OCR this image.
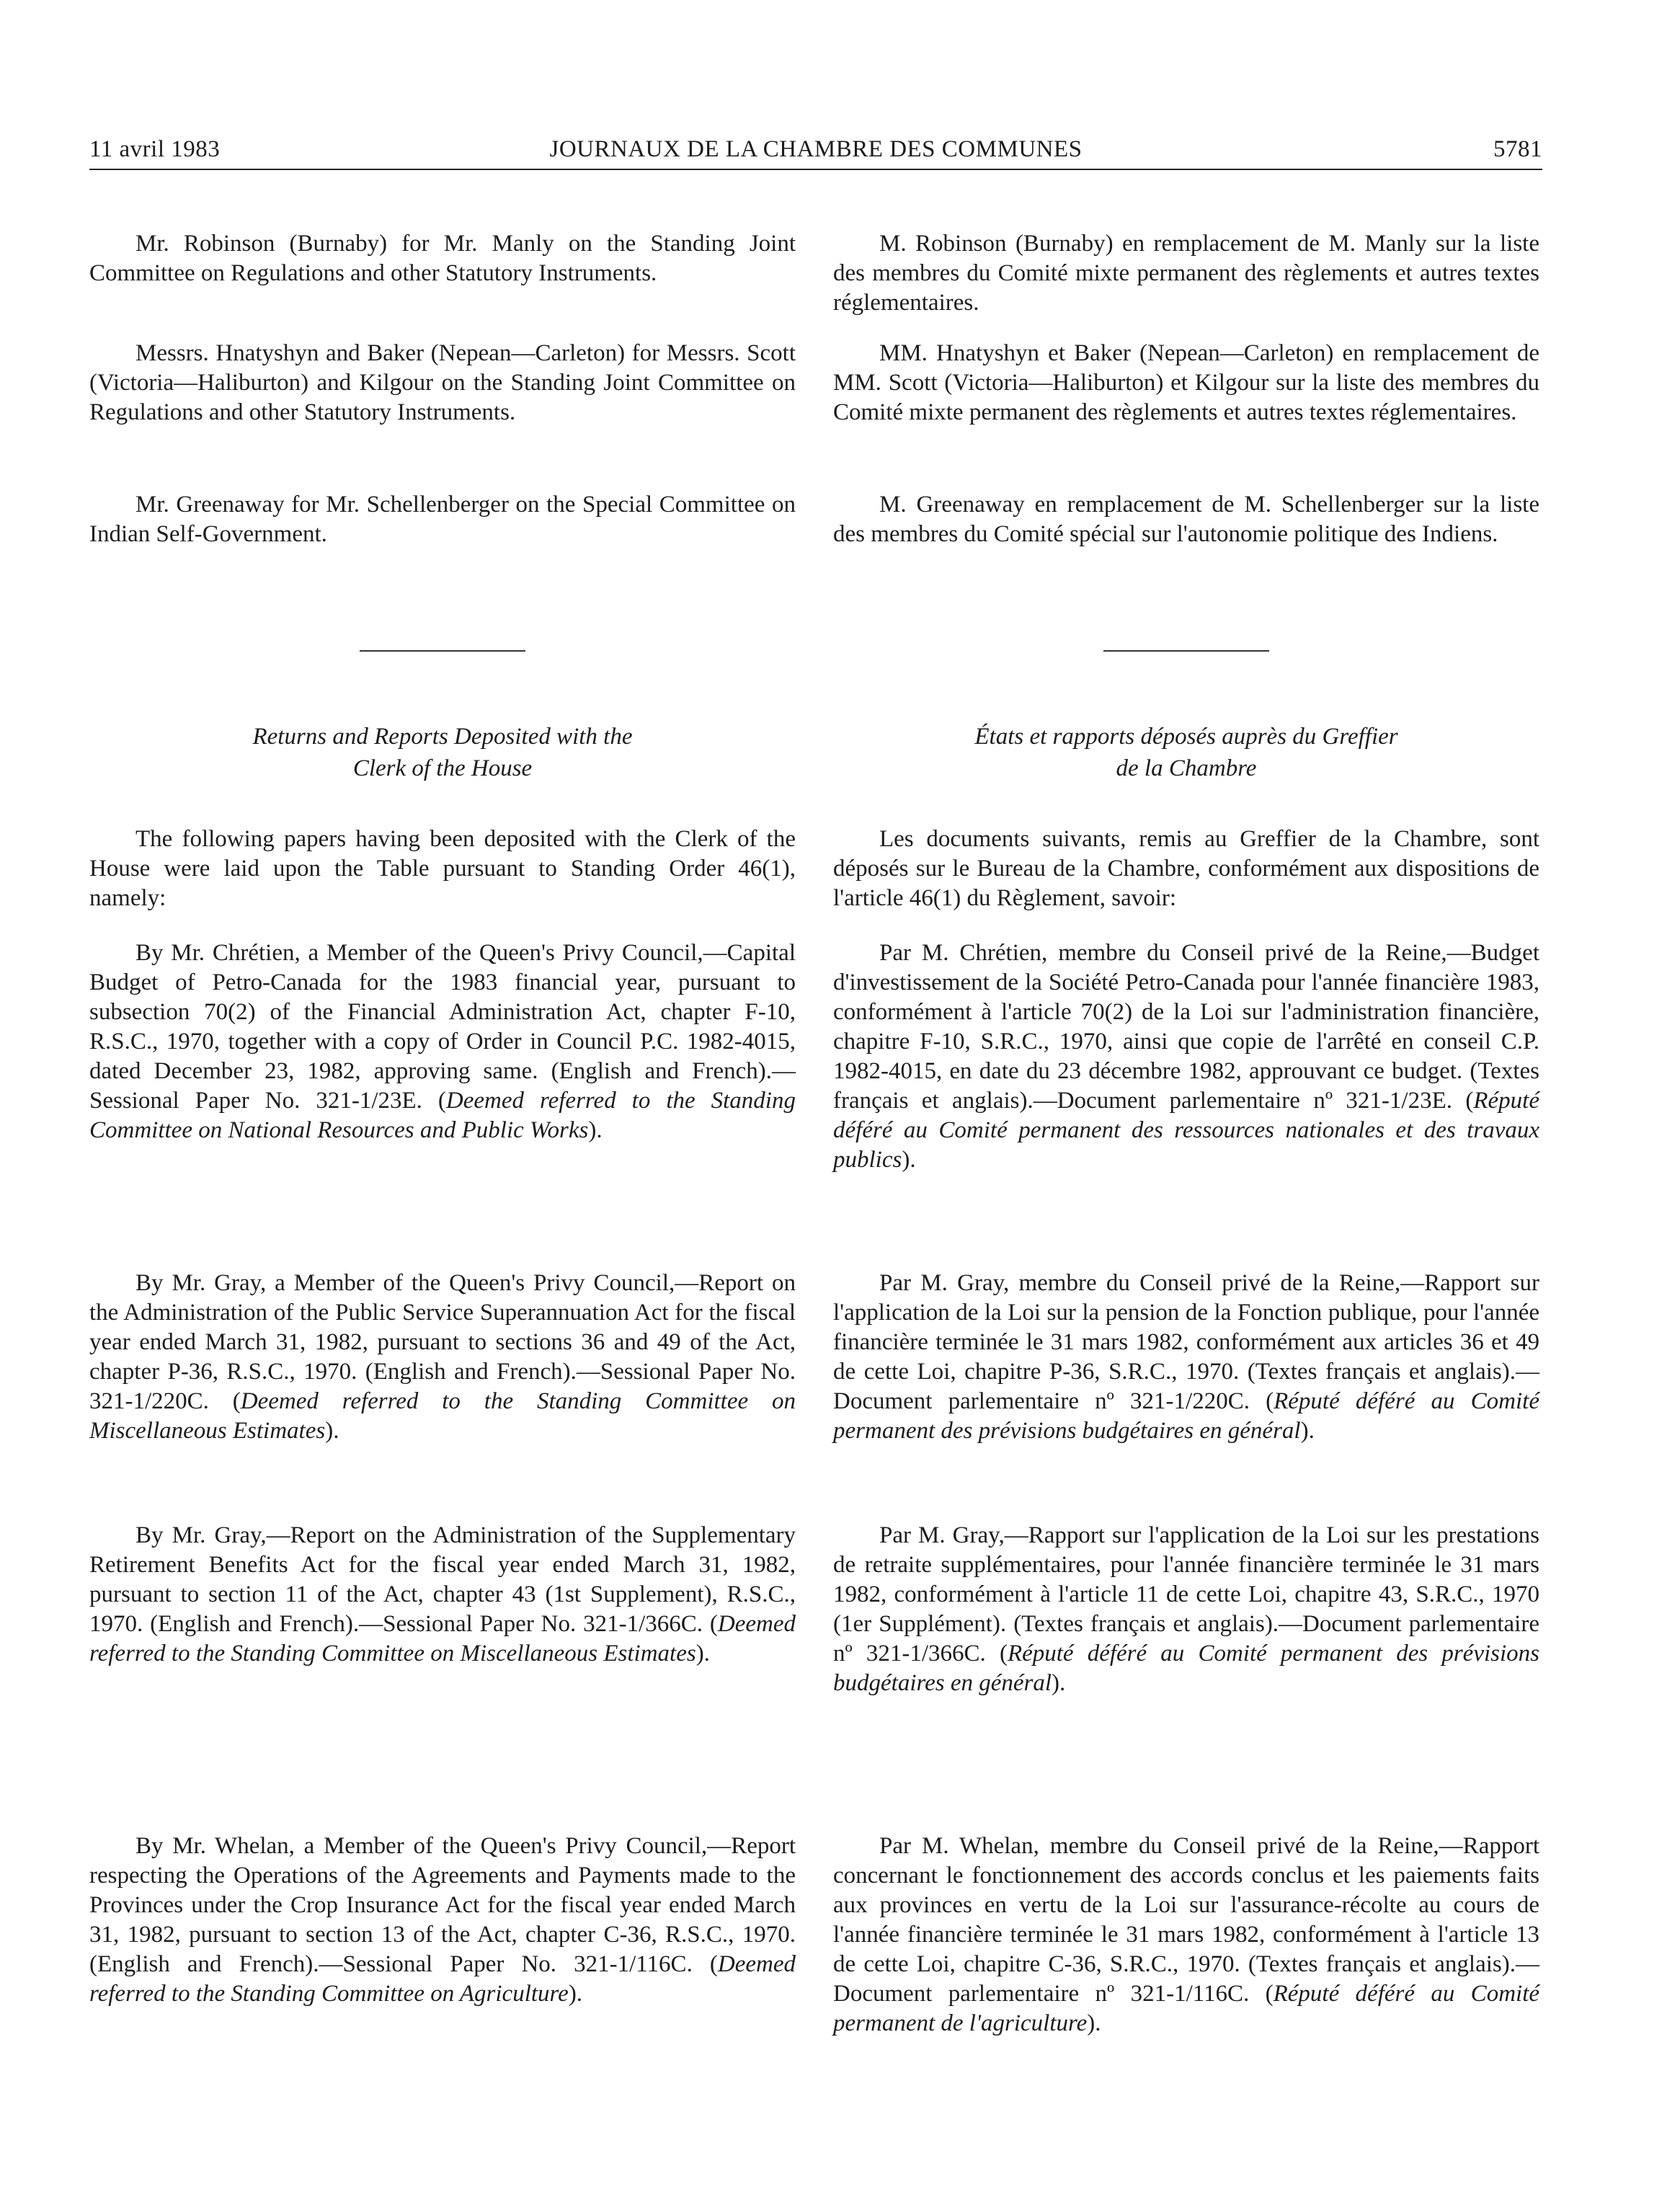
11 avril 1983	JOURNAUX DE LA CHAMBRE DES COMMUNES	5781

Mr. Robinson (Burnaby) for Mr. Manly on the Standing Joint Committee on Regulations and other Statutory Instruments.

Messrs. Hnatyshyn and Baker (Nepean—Carleton) for Messrs. Scott (Victoria—Haliburton) and Kilgour on the Standing Joint Committee on Regulations and other Statutory Instruments.

Mr. Greenaway for Mr. Schellenberger on the Special Committee on Indian Self-Government.

Returns and Reports Deposited with the
Clerk of the House

The following papers having been deposited with the Clerk of the House were laid upon the Table pursuant to Standing Order 46(1), namely:

By Mr. Chrétien, a Member of the Queen's Privy Council,—Capital Budget of Petro-Canada for the 1983 financial year, pursuant to subsection 70(2) of the Financial Administration Act, chapter F-10, R.S.C., 1970, together with a copy of Order in Council P.C. 1982-4015, dated December 23, 1982, approving same. (English and French).—Sessional Paper No. 321-1/23E. (Deemed referred to the Standing Committee on National Resources and Public Works).

By Mr. Gray, a Member of the Queen's Privy Council,—Report on the Administration of the Public Service Superannuation Act for the fiscal year ended March 31, 1982, pursuant to sections 36 and 49 of the Act, chapter P-36, R.S.C., 1970. (English and French).—Sessional Paper No. 321-1/220C. (Deemed referred to the Standing Committee on Miscellaneous Estimates).

By Mr. Gray,—Report on the Administration of the Supplementary Retirement Benefits Act for the fiscal year ended March 31, 1982, pursuant to section 11 of the Act, chapter 43 (1st Supplement), R.S.C., 1970. (English and French).—Sessional Paper No. 321-1/366C. (Deemed referred to the Standing Committee on Miscellaneous Estimates).

By Mr. Whelan, a Member of the Queen's Privy Council,—Report respecting the Operations of the Agreements and Payments made to the Provinces under the Crop Insurance Act for the fiscal year ended March 31, 1982, pursuant to section 13 of the Act, chapter C-36, R.S.C., 1970. (English and French).—Sessional Paper No. 321-1/116C. (Deemed referred to the Standing Committee on Agriculture).

M. Robinson (Burnaby) en remplacement de M. Manly sur la liste des membres du Comité mixte permanent des règlements et autres textes réglementaires.

MM. Hnatyshyn et Baker (Nepean—Carleton) en remplacement de MM. Scott (Victoria—Haliburton) et Kilgour sur la liste des membres du Comité mixte permanent des règlements et autres textes réglementaires.

M. Greenaway en remplacement de M. Schellenberger sur la liste des membres du Comité spécial sur l'autonomie politique des Indiens.

États et rapports déposés auprès du Greffier
de la Chambre

Les documents suivants, remis au Greffier de la Chambre, sont déposés sur le Bureau de la Chambre, conformément aux dispositions de l'article 46(1) du Règlement, savoir:

Par M. Chrétien, membre du Conseil privé de la Reine,—Budget d'investissement de la Société Petro-Canada pour l'année financière 1983, conformément à l'article 70(2) de la Loi sur l'administration financière, chapitre F-10, S.R.C., 1970, ainsi que copie de l'arrêté en conseil C.P. 1982-4015, en date du 23 décembre 1982, approuvant ce budget. (Textes français et anglais).—Document parlementaire nº 321-1/23E. (Réputé déféré au Comité permanent des ressources nationales et des travaux publics).

Par M. Gray, membre du Conseil privé de la Reine,—Rapport sur l'application de la Loi sur la pension de la Fonction publique, pour l'année financière terminée le 31 mars 1982, conformément aux articles 36 et 49 de cette Loi, chapitre P-36, S.R.C., 1970. (Textes français et anglais).—Document parlementaire nº 321-1/220C. (Réputé déféré au Comité permanent des prévisions budgétaires en général).

Par M. Gray,—Rapport sur l'application de la Loi sur les prestations de retraite supplémentaires, pour l'année financière terminée le 31 mars 1982, conformément à l'article 11 de cette Loi, chapitre 43, S.R.C., 1970 (1er Supplément). (Textes français et anglais).—Document parlementaire nº 321-1/366C. (Réputé déféré au Comité permanent des prévisions budgétaires en général).

Par M. Whelan, membre du Conseil privé de la Reine,—Rapport concernant le fonctionnement des accords conclus et les paiements faits aux provinces en vertu de la Loi sur l'assurance-récolte au cours de l'année financière terminée le 31 mars 1982, conformément à l'article 13 de cette Loi, chapitre C-36, S.R.C., 1970. (Textes français et anglais).—Document parlementaire nº 321-1/116C. (Réputé déféré au Comité permanent de l'agriculture).
